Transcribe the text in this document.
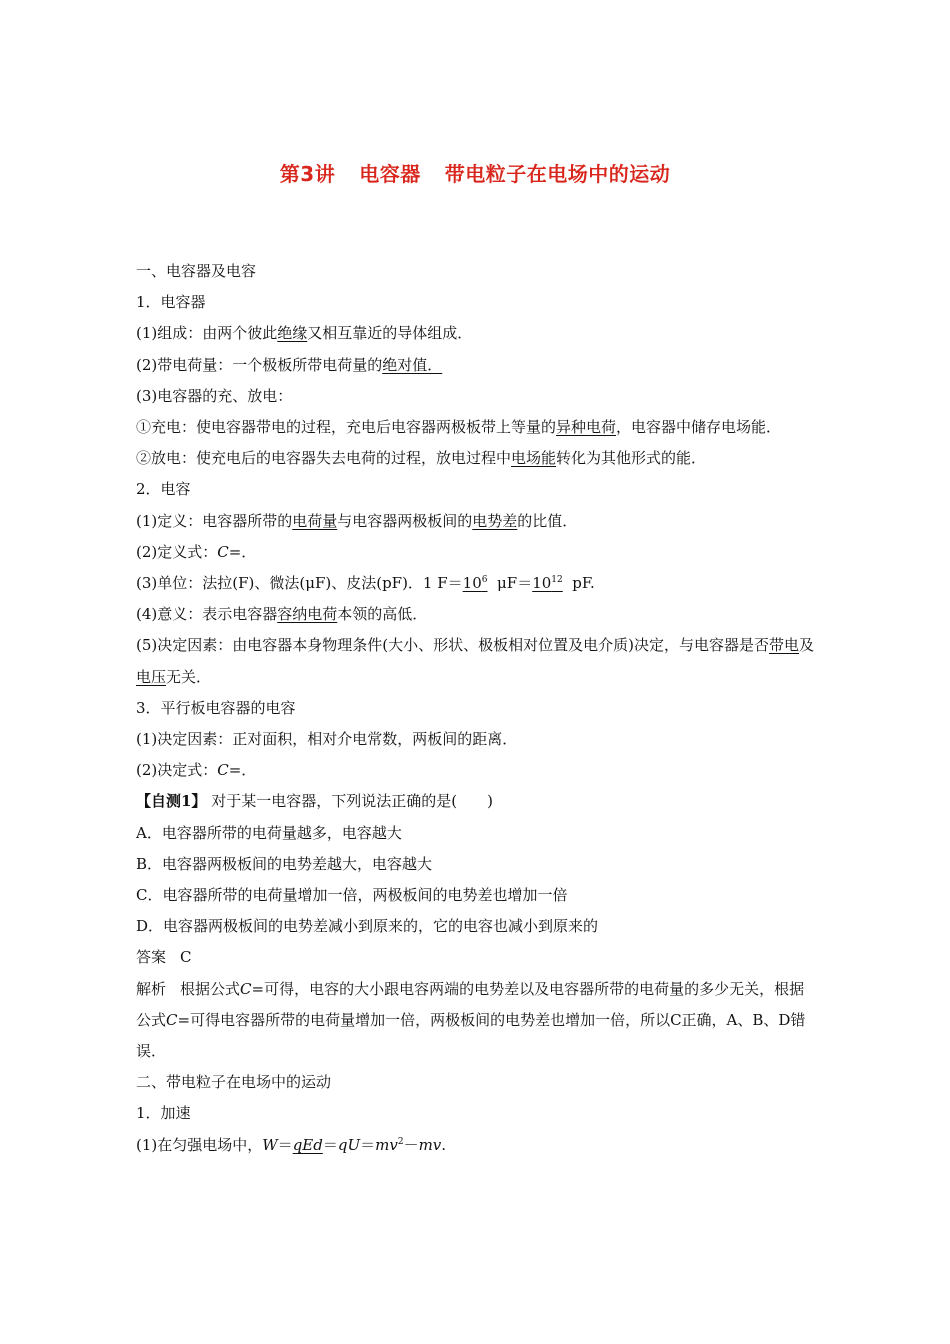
第3讲 电容器 带电粒子在电场中的运动
一、电容器及电容
1．电容器
(1)组成：由两个彼此绝缘又相互靠近的导体组成．
(2)带电荷量：一个极板所带电荷量的绝对值．
(3)电容器的充、放电：
①充电：使电容器带电的过程，充电后电容器两极板带上等量的异种电荷，电容器中储存电场能．
②放电：使充电后的电容器失去电荷的过程，放电过程中电场能转化为其他形式的能．
2．电容
(1)定义：电容器所带的电荷量与电容器两极板间的电势差的比值．
(2)定义式：C=．
(3)单位：法拉(F)、微法(μF)、皮法(pF)．1 $F=10^6$ $\mu F=10^{12}$ pF.
(4)意义：表示电容器容纳电荷本领的高低．
(5)决定因素：由电容器本身物理条件(大小、形状、极板相对位置及电介质)决定，与电容器是否带电及电压无关．
3．平行板电容器的电容
(1)决定因素：正对面积，相对介电常数，两板间的距离．
(2)决定式：C=．
【自测1】 对于某一电容器，下列说法正确的是(　　)
A．电容器所带的电荷量越多，电容越大
B．电容器两极板间的电势差越大，电容越大
C．电容器所带的电荷量增加一倍，两极板间的电势差也增加一倍
D．电容器两极板间的电势差减小到原来的，它的电容也减小到原来的
答案 C
解析 根据公式C=可得，电容的大小跟电容两端的电势差以及电容器所带的电荷量的多少无关，根据公式C=可得电容器所带的电荷量增加一倍，两极板间的电势差也增加一倍，所以C正确，A、B、D错误．
二、带电粒子在电场中的运动
1．加速
(1)在匀强电场中，$W=qEd=qU=mv^2-mv$.
